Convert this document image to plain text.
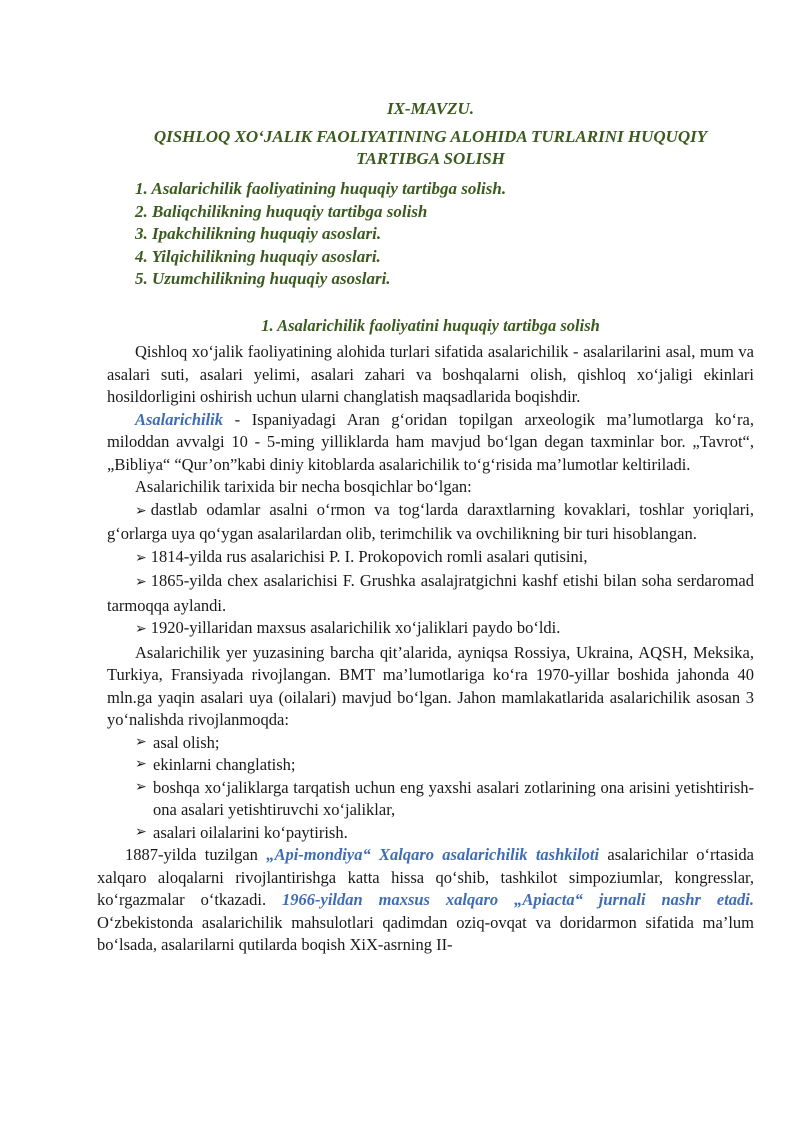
IX-MAVZU.
QISHLOQ XO‘JALIK FAOLIYATINING ALOHIDA TURLARINI HUQUQIY TARTIBGA SOLISH
1. Asalarichilik faoliyatining huquqiy tartibga solish.
2. Baliqchilikning huquqiy tartibga solish
3. Ipakchilikning huquqiy asoslari.
4. Yilqichilikning huquqiy asoslari.
5. Uzumchilikning huquqiy asoslari.
1. Asalarichilik faoliyatini huquqiy tartibga solish

Qishloq xo‘jalik faoliyatining alohida turlari sifatida asalarichilik - asalarilarini asal, mum va asalari suti, asalari yelimi, asalari zahari va boshqalarni olish, qishloq xo‘jaligi ekinlari hosildorligini oshirish uchun ularni changlatish maqsadlarida boqishdir.

Asalarichilik - Ispaniyadagi Aran g‘oridan topilgan arxeologik ma’lumotlarga ko‘ra, miloddan avvalgi 10 - 5-ming yilliklarda ham mavjud bo‘lgan degan taxminlar bor. „Tavrot“, „Bibliya“ “Qur’on”kabi diniy kitoblarda asalarichilik to‘g‘risida ma’lumotlar keltiriladi.

Asalarichilik tarixida bir necha bosqichlar bo‘lgan:

➢ dastlab odamlar asalni o‘rmon va tog‘larda daraxtlarning kovaklari, toshlar yoriqlari, g‘orlarga uya qo‘ygan asalarilardan olib, terimchilik va ovchilikning bir turi hisoblangan.

➢ 1814-yilda rus asalarichisi P. I. Prokopovich romli asalari qutisini,

➢ 1865-yilda chex asalarichisi F. Grushka asalajratgichni kashf etishi bilan soha serdaromad tarmoqqa aylandi.

➢ 1920-yillaridan maxsus asalarichilik xo‘jaliklari paydo bo‘ldi.

Asalarichilik yer yuzasining barcha qit’alarida, ayniqsa Rossiya, Ukraina, AQSH, Meksika, Turkiya, Fransiyada rivojlangan. BMT ma’lumotlariga ko‘ra 1970-yillar boshida jahonda 40 mln.ga yaqin asalari uya (oilalari) mavjud bo‘lgan. Jahon mamlakatlarida asalarichilik asosan 3 yo‘nalishda rivojlanmoqda:

➢ asal olish;
➢ ekinlarni changlatish;
➢ boshqa xo‘jaliklarga tarqatish uchun eng yaxshi asalari zotlarining ona arisini yetishtirish-ona asalari yetishtiruvchi xo‘jaliklar,
➢ asalari oilalarini ko‘paytirish.

1887-yilda tuzilgan „Api-mondiya“ Xalqaro asalarichilik tashkiloti asalarichilar o‘rtasida xalqaro aloqalarni rivojlantirishga katta hissa qo‘shib, tashkilot simpoziumlar, kongresslar, ko‘rgazmalar o‘tkazadi. 1966-yildan maxsus xalqaro „Apiacta“ jurnali nashr etadi. O‘zbekistonda asalarichilik mahsulotlari qadimdan oziq-ovqat va doridarmon sifatida ma’lum bo‘lsada, asalarilarni qutilarda boqish XiX-asrning II-
